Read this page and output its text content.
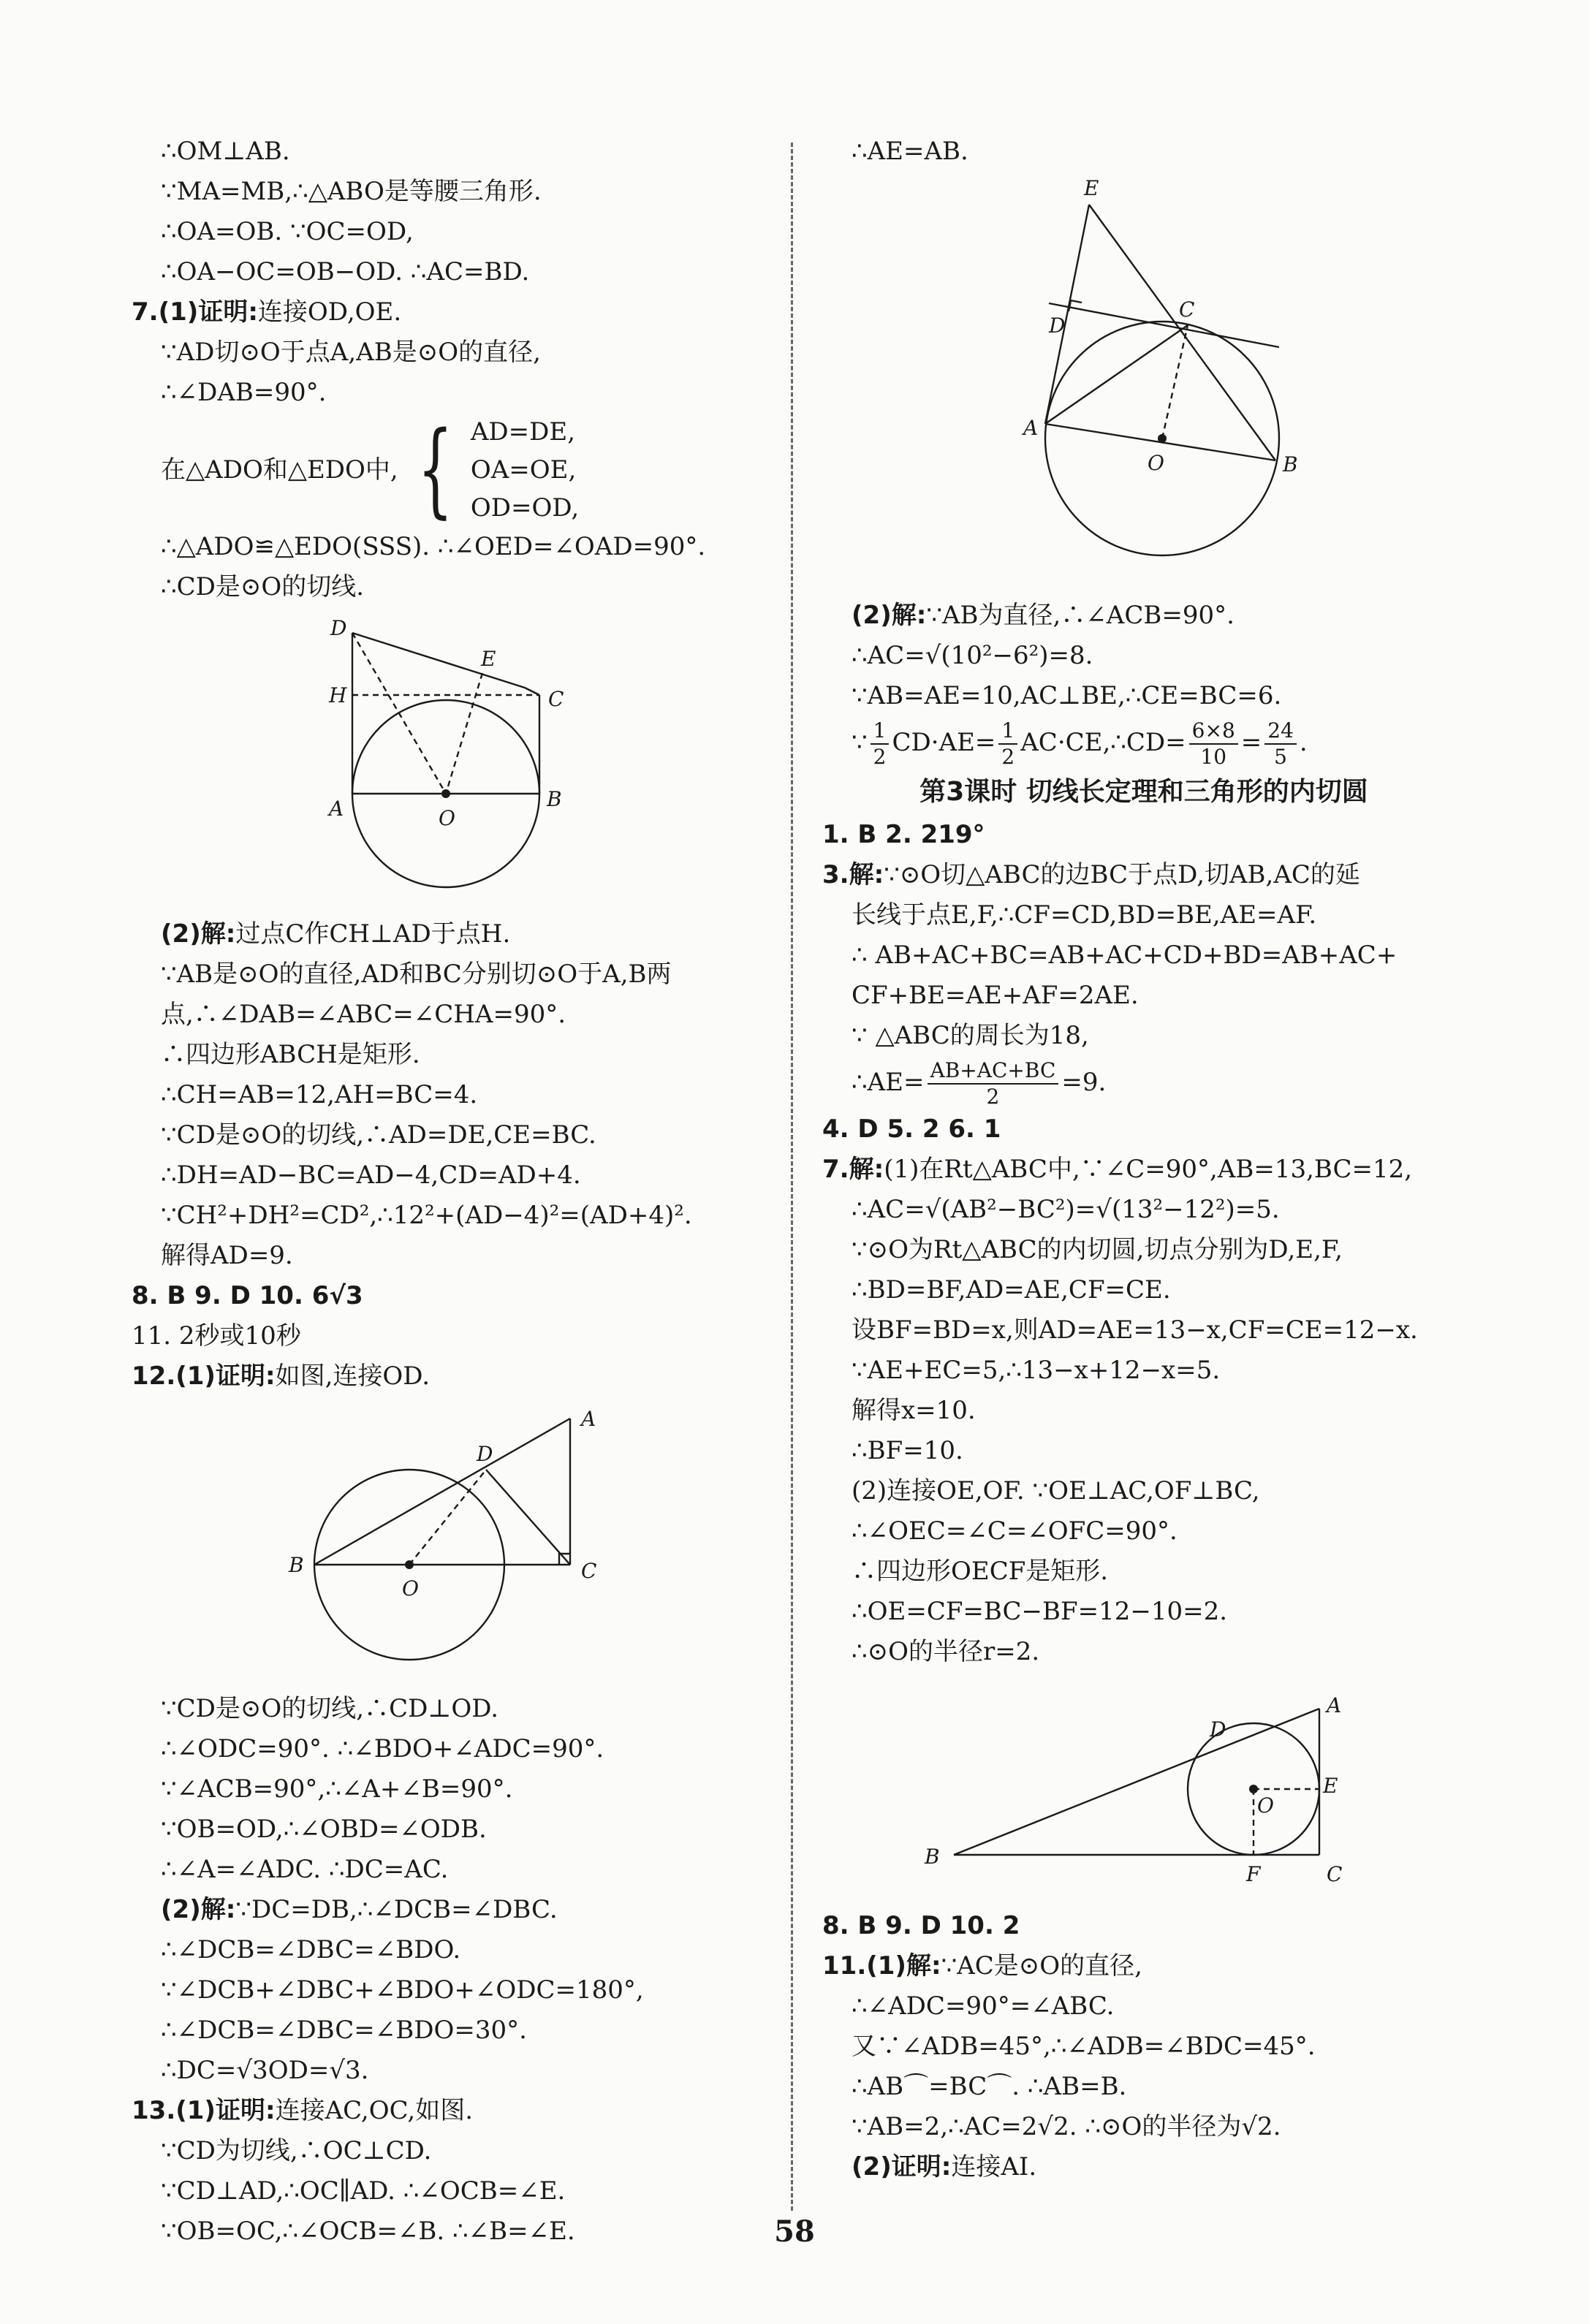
∴OM⊥AB.
∵MA=MB,∴△ABO是等腰三角形.
∴OA=OB. ∵OC=OD,
∴OA−OC=OB−OD. ∴AC=BD.
7.(1)证明:连接OD,OE.
∵AD切⊙O于点A,AB是⊙O的直径,
∴∠DAB=90°.
在△ADO和△EDO中, { AD=DE,
OA=OE,
OD=OD,
∴△ADO≌△EDO(SSS). ∴∠OED=∠OAD=90°.
∴CD是⊙O的切线.
D
E
H	C
A	B
O
(2)解:过点C作CH⊥AD于点H.
∵AB是⊙O的直径,AD和BC分别切⊙O于A,B两
点,∴∠DAB=∠ABC=∠CHA=90°.
∴四边形ABCH是矩形.
∴CH=AB=12,AH=BC=4.
∵CD是⊙O的切线,∴AD=DE,CE=BC.
∴DH=AD−BC=AD−4,CD=AD+4.
∵CH²+DH²=CD²,∴12²+(AD−4)²=(AD+4)².
解得AD=9.
8. B 9. D 10. 6√3
11. 2秒或10秒
12.(1)证明:如图,连接OD.
A
D
B
O
C
∵CD是⊙O的切线,∴CD⊥OD.
∴∠ODC=90°. ∴∠BDO+∠ADC=90°.
∵∠ACB=90°,∴∠A+∠B=90°.
∵OB=OD,∴∠OBD=∠ODB.
∴∠A=∠ADC. ∴DC=AC.
(2)解:∵DC=DB,∴∠DCB=∠DBC.
∴∠DCB=∠DBC=∠BDO.
∵∠DCB+∠DBC+∠BDO+∠ODC=180°,
∴∠DCB=∠DBC=∠BDO=30°.
∴DC=√3OD=√3.
13.(1)证明:连接AC,OC,如图.
∵CD为切线,∴OC⊥CD.
∵CD⊥AD,∴OC∥AD. ∴∠OCB=∠E.
∵OB=OC,∴∠OCB=∠B. ∴∠B=∠E.
∴AE=AB.
E
D
C
A
O	B
(2)解:∵AB为直径,∴∠ACB=90°.
∴AC=√(10²−6²)=8.
∵AB=AE=10,AC⊥BE,∴CE=BC=6.
∵ $\frac{1}{2} CD\cdot AE= \frac{1}{2}$ AC·CE,∴CD= $\frac{6\times 8}{10} = \frac{24}{5}$ .
第3课时 切线长定理和三角形的内切圆
1. B 2. 219°
3.解:∵⊙O切△ABC的边BC于点D,切AB,AC的延
长线于点E,F,∴CF=CD,BD=BE,AE=AF.
∴ AB+AC+BC=AB+AC+CD+BD=AB+AC+
CF+BE=AE+AF=2AE.
∵ △ABC的周长为18,
∴AE= $\frac{AB+AC+BC}{2} =9$.
4. D 5. 2 6. 1
7.解:(1)在Rt△ABC中,∵∠C=90°,AB=13,BC=12,
∴AC=√(AB²−BC²)=√(13²−12²)=5.
∵⊙O为Rt△ABC的内切圆,切点分别为D,E,F,
∴BD=BF,AD=AE,CF=CE.
设BF=BD=x,则AD=AE=13−x,CF=CE=12−x.
∵AE+EC=5,∴13−x+12−x=5.
解得x=10.
∴BF=10.
(2)连接OE,OF. ∵OE⊥AC,OF⊥BC,
∴∠OEC=∠C=∠OFC=90°.
∴四边形OECF是矩形.
∴OE=CF=BC−BF=12−10=2.
∴⊙O的半径r=2.
A
D
E
O
B
F	C
8. B 9. D 10. 2
11.(1)解:∵AC是⊙O的直径,
∴∠ADC=90°=∠ABC.
又∵∠ADB=45°,∴∠ADB=∠BDC=45°.
∴AB⌒=BC⌒. ∴AB=B.
∵AB=2,∴AC=2√2. ∴⊙O的半径为√2.
(2)证明:连接AI.
58
